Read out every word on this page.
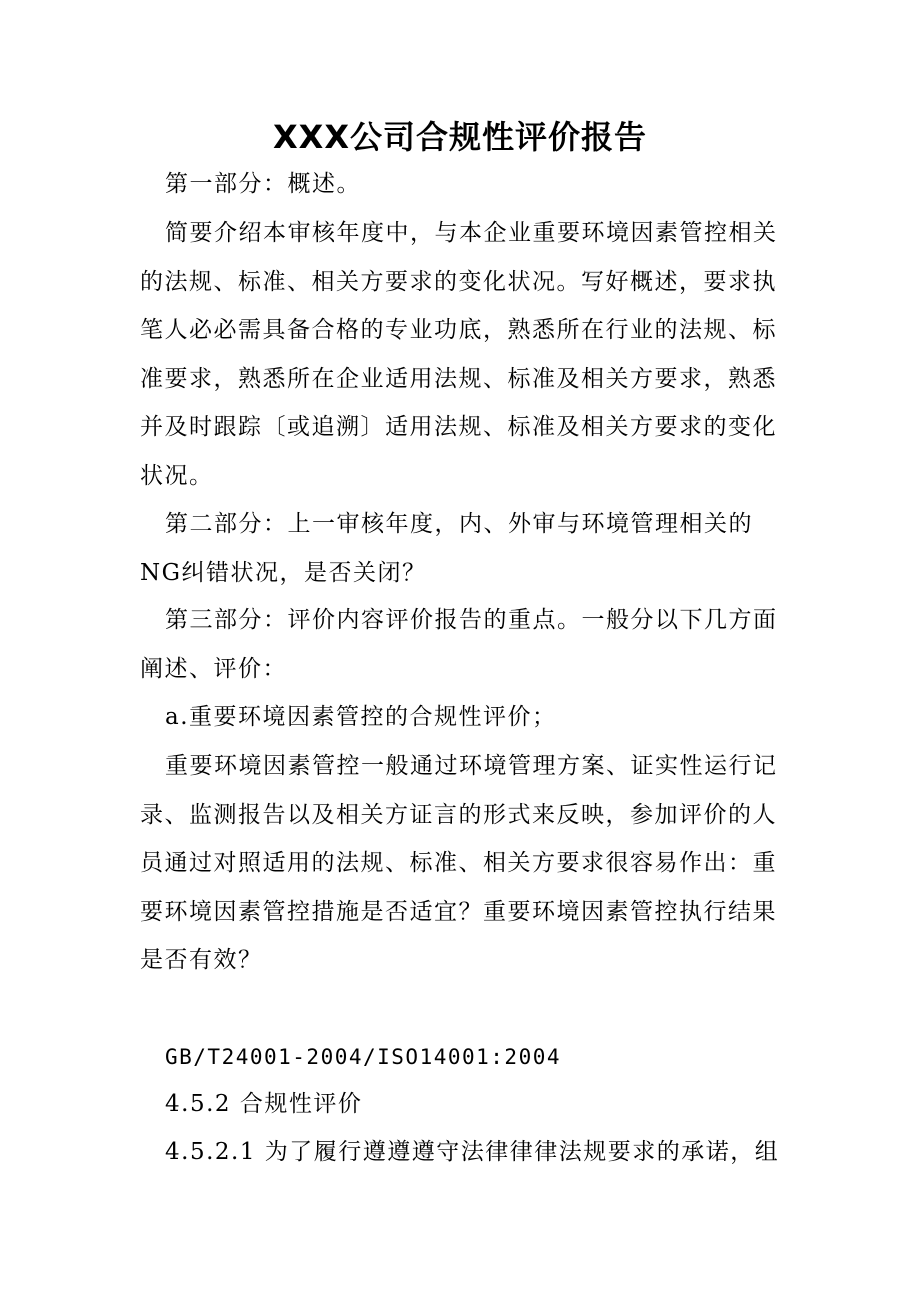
XXX公司合规性评价报告

第一部分：概述。

简要介绍本审核年度中，与本企业重要环境因素管控相关的法规、标准、相关方要求的变化状况。写好概述，要求执笔人必必需具备合格的专业功底，熟悉所在行业的法规、标准要求，熟悉所在企业适用法规、标准及相关方要求，熟悉并及时跟踪〔或追溯〕适用法规、标准及相关方要求的变化状况。

第二部分：上一审核年度，内、外审与环境管理相关的NG纠错状况，是否关闭？

第三部分：评价内容评价报告的重点。一般分以下几方面阐述、评价：

a.重要环境因素管控的合规性评价；

重要环境因素管控一般通过环境管理方案、证实性运行记录、监测报告以及相关方证言的形式来反映，参加评价的人员通过对照适用的法规、标准、相关方要求很容易作出：重要环境因素管控措施是否适宜？重要环境因素管控执行结果是否有效？

GB/T24001-2004/ISO14001:2004

4.5.2 合规性评价

4.5.2.1 为了履行遵遵遵守法律律律法规要求的承诺，组
